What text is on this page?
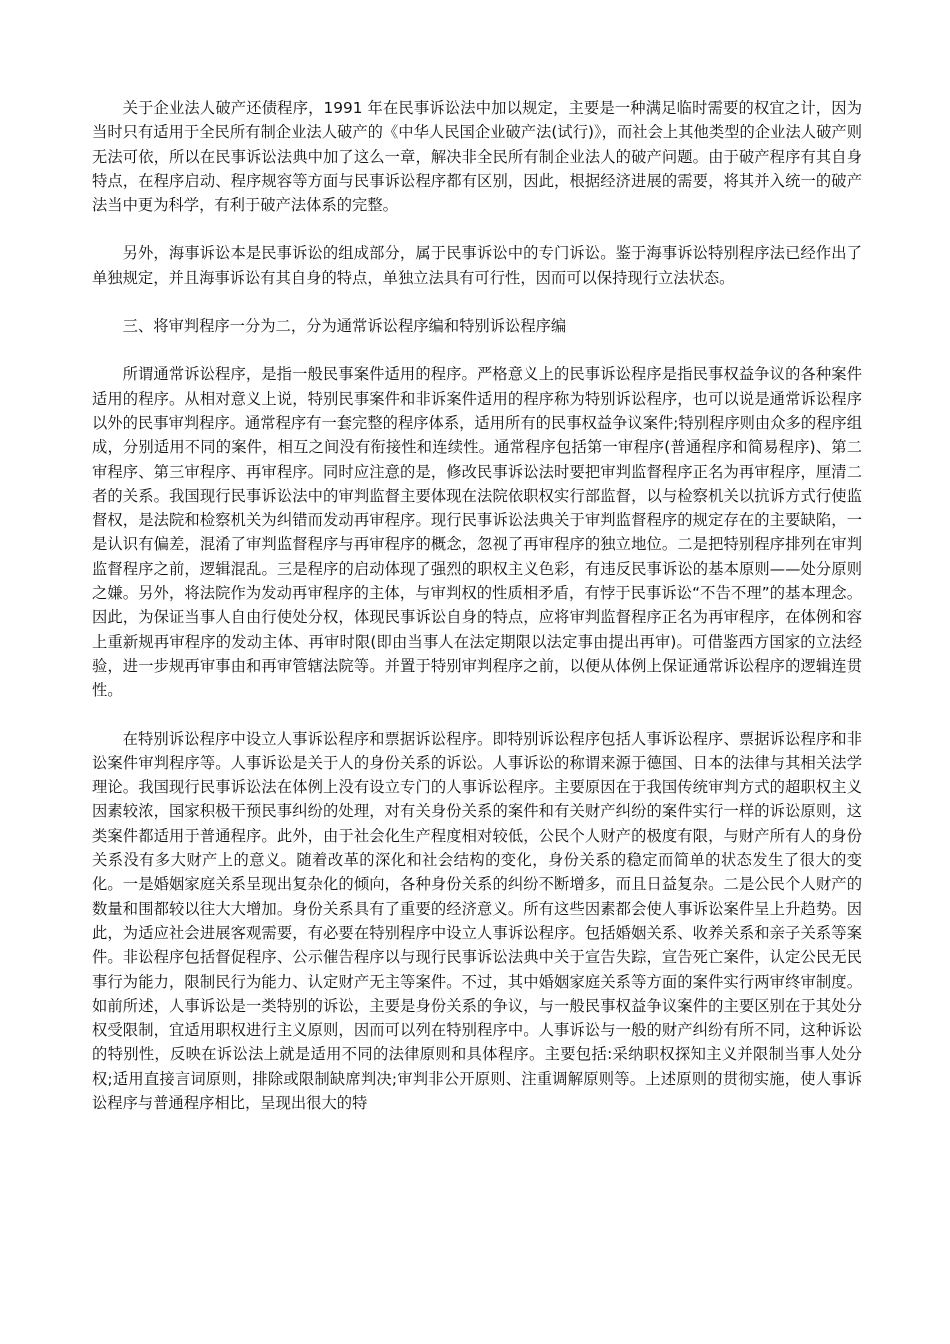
关于企业法人破产还债程序，1991 年在民事诉讼法中加以规定，主要是一种满足临时需要的权宜之计，因为当时只有适用于全民所有制企业法人破产的《中华人民国企业破产法(试行)》，而社会上其他类型的企业法人破产则无法可依，所以在民事诉讼法典中加了这么一章，解决非全民所有制企业法人的破产问题。由于破产程序有其自身特点，在程序启动、程序规容等方面与民事诉讼程序都有区别，因此，根据经济进展的需要，将其并入统一的破产法当中更为科学，有利于破产法体系的完整。

另外，海事诉讼本是民事诉讼的组成部分，属于民事诉讼中的专门诉讼。鉴于海事诉讼特别程序法已经作出了单独规定，并且海事诉讼有其自身的特点，单独立法具有可行性，因而可以保持现行立法状态。

三、将审判程序一分为二，分为通常诉讼程序编和特别诉讼程序编

所谓通常诉讼程序，是指一般民事案件适用的程序。严格意义上的民事诉讼程序是指民事权益争议的各种案件适用的程序。从相对意义上说，特别民事案件和非诉案件适用的程序称为特别诉讼程序，也可以说是通常诉讼程序以外的民事审判程序。通常程序有一套完整的程序体系，适用所有的民事权益争议案件;特别程序则由众多的程序组成，分别适用不同的案件，相互之间没有衔接性和连续性。通常程序包括第一审程序(普通程序和简易程序)、第二审程序、第三审程序、再审程序。同时应注意的是，修改民事诉讼法时要把审判监督程序正名为再审程序，厘清二者的关系。我国现行民事诉讼法中的审判监督主要体现在法院依职权实行部监督，以与检察机关以抗诉方式行使监督权，是法院和检察机关为纠错而发动再审程序。现行民事诉讼法典关于审判监督程序的规定存在的主要缺陷，一是认识有偏差，混淆了审判监督程序与再审程序的概念，忽视了再审程序的独立地位。二是把特别程序排列在审判监督程序之前，逻辑混乱。三是程序的启动体现了强烈的职权主义色彩，有违反民事诉讼的基本原则——处分原则之嫌。另外，将法院作为发动再审程序的主体，与审判权的性质相矛盾，有悖于民事诉讼“不告不理”的基本理念。因此，为保证当事人自由行使处分权，体现民事诉讼自身的特点，应将审判监督程序正名为再审程序，在体例和容上重新规再审程序的发动主体、再审时限(即由当事人在法定期限以法定事由提出再审)。可借鉴西方国家的立法经验，进一步规再审事由和再审管辖法院等。并置于特别审判程序之前，以便从体例上保证通常诉讼程序的逻辑连贯性。

在特别诉讼程序中设立人事诉讼程序和票据诉讼程序。即特别诉讼程序包括人事诉讼程序、票据诉讼程序和非讼案件审判程序等。人事诉讼是关于人的身份关系的诉讼。人事诉讼的称谓来源于德国、日本的法律与其相关法学理论。我国现行民事诉讼法在体例上没有设立专门的人事诉讼程序。主要原因在于我国传统审判方式的超职权主义因素较浓，国家积极干预民事纠纷的处理，对有关身份关系的案件和有关财产纠纷的案件实行一样的诉讼原则，这类案件都适用于普通程序。此外，由于社会化生产程度相对较低，公民个人财产的极度有限，与财产所有人的身份关系没有多大财产上的意义。随着改革的深化和社会结构的变化，身份关系的稳定而简单的状态发生了很大的变化。一是婚姻家庭关系呈现出复杂化的倾向，各种身份关系的纠纷不断增多，而且日益复杂。二是公民个人财产的数量和围都较以往大大增加。身份关系具有了重要的经济意义。所有这些因素都会使人事诉讼案件呈上升趋势。因此，为适应社会进展客观需要，有必要在特别程序中设立人事诉讼程序。包括婚姻关系、收养关系和亲子关系等案件。非讼程序包括督促程序、公示催告程序以与现行民事诉讼法典中关于宣告失踪，宣告死亡案件，认定公民无民事行为能力，限制民行为能力、认定财产无主等案件。不过，其中婚姻家庭关系等方面的案件实行两审终审制度。如前所述，人事诉讼是一类特别的诉讼，主要是身份关系的争议，与一般民事权益争议案件的主要区别在于其处分权受限制，宜适用职权进行主义原则，因而可以列在特别程序中。人事诉讼与一般的财产纠纷有所不同，这种诉讼的特别性，反映在诉讼法上就是适用不同的法律原则和具体程序。主要包括:采纳职权探知主义并限制当事人处分权;适用直接言词原则，排除或限制缺席判决;审判非公开原则、注重调解原则等。上述原则的贯彻实施，使人事诉讼程序与普通程序相比，呈现出很大的特
